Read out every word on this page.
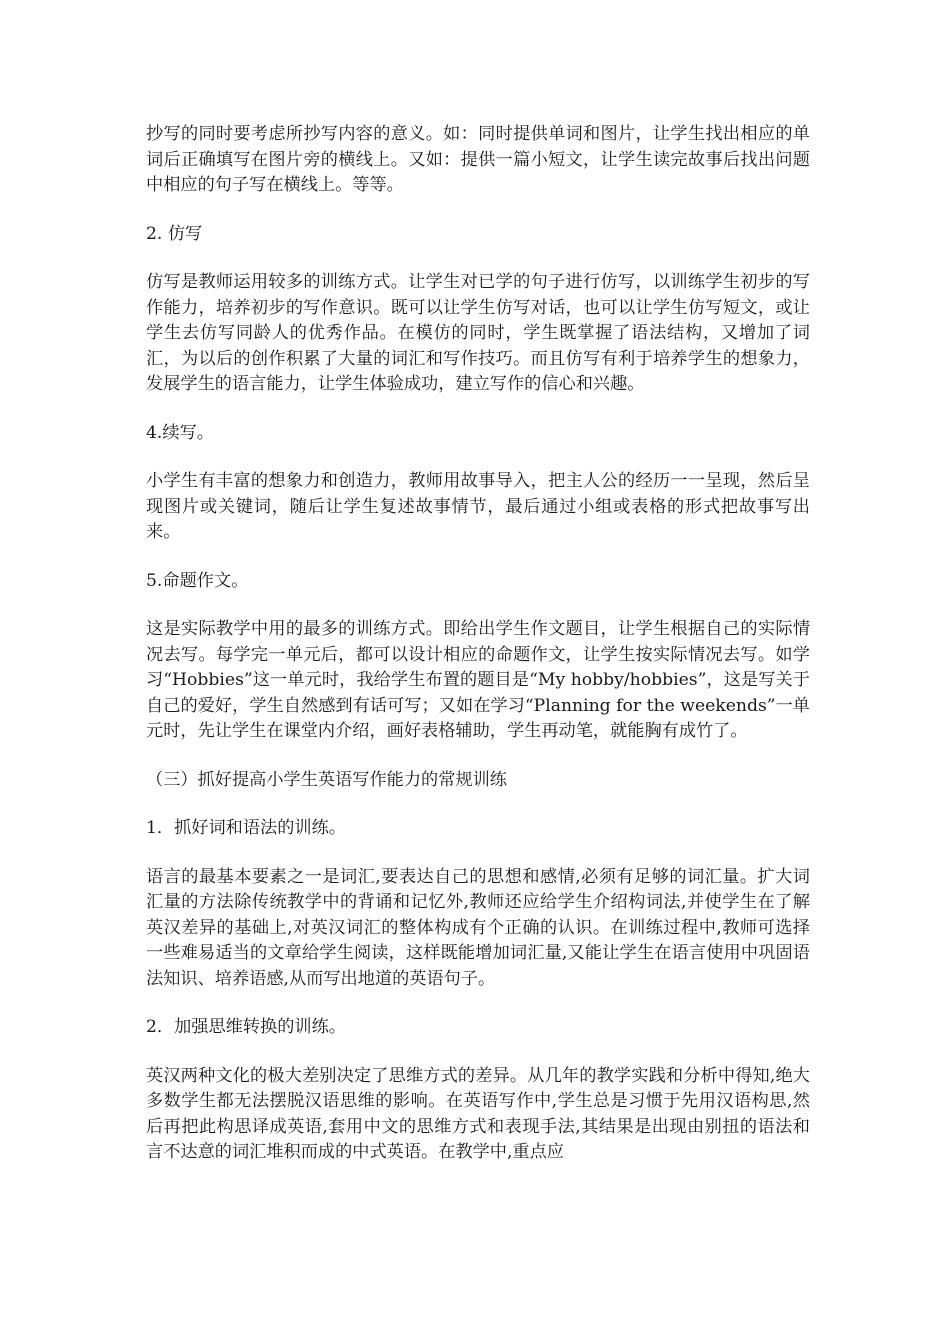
抄写的同时要考虑所抄写内容的意义。如：同时提供单词和图片，让学生找出相应的单词后正确填写在图片旁的横线上。又如：提供一篇小短文，让学生读完故事后找出问题中相应的句子写在横线上。等等。

2. 仿写

仿写是教师运用较多的训练方式。让学生对已学的句子进行仿写，以训练学生初步的写作能力，培养初步的写作意识。既可以让学生仿写对话，也可以让学生仿写短文，或让学生去仿写同龄人的优秀作品。在模仿的同时，学生既掌握了语法结构，又增加了词汇，为以后的创作积累了大量的词汇和写作技巧。而且仿写有利于培养学生的想象力，发展学生的语言能力，让学生体验成功，建立写作的信心和兴趣。

4.续写。

小学生有丰富的想象力和创造力，教师用故事导入，把主人公的经历一一呈现，然后呈现图片或关键词，随后让学生复述故事情节，最后通过小组或表格的形式把故事写出来。

5.命题作文。

这是实际教学中用的最多的训练方式。即给出学生作文题目，让学生根据自己的实际情况去写。每学完一单元后，都可以设计相应的命题作文，让学生按实际情况去写。如学习“Hobbies”这一单元时，我给学生布置的题目是“My hobby/hobbies”，这是写关于自己的爱好，学生自然感到有话可写；又如在学习“Planning for the weekends”一单元时，先让学生在课堂内介绍，画好表格辅助，学生再动笔，就能胸有成竹了。

（三）抓好提高小学生英语写作能力的常规训练

1．抓好词和语法的训练。

语言的最基本要素之一是词汇,要表达自己的思想和感情,必须有足够的词汇量。扩大词汇量的方法除传统教学中的背诵和记忆外,教师还应给学生介绍构词法,并使学生在了解英汉差异的基础上,对英汉词汇的整体构成有个正确的认识。在训练过程中,教师可选择一些难易适当的文章给学生阅读，这样既能增加词汇量,又能让学生在语言使用中巩固语法知识、培养语感,从而写出地道的英语句子。

2．加强思维转换的训练。

英汉两种文化的极大差别决定了思维方式的差异。从几年的教学实践和分析中得知,绝大多数学生都无法摆脱汉语思维的影响。在英语写作中,学生总是习惯于先用汉语构思,然后再把此构思译成英语,套用中文的思维方式和表现手法,其结果是出现由别扭的语法和言不达意的词汇堆积而成的中式英语。在教学中,重点应
